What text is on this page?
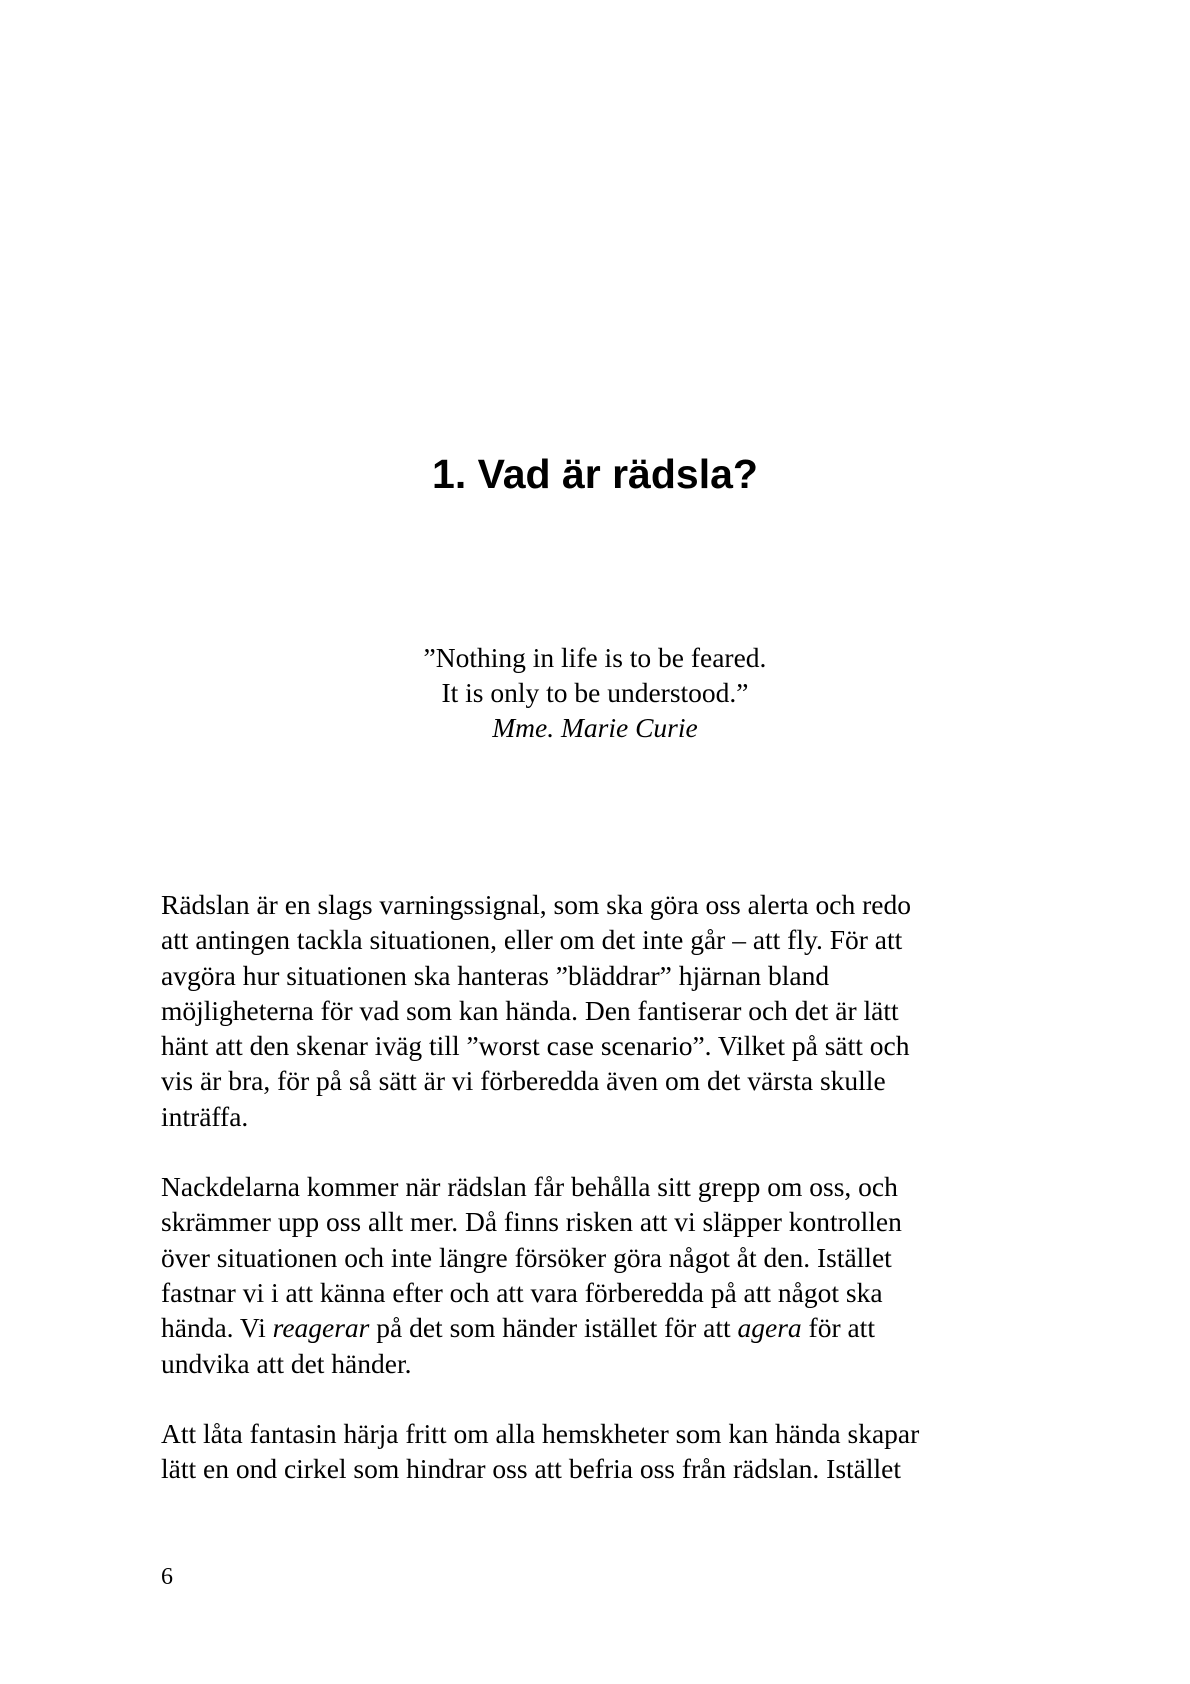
1. Vad är rädsla?
”Nothing in life is to be feared.
It is only to be understood.”
Mme. Marie Curie

Rädslan är en slags varningssignal, som ska göra oss alerta och redo
att antingen tackla situationen, eller om det inte går – att fly. För att
avgöra hur situationen ska hanteras ”bläddrar” hjärnan bland
möjligheterna för vad som kan hända. Den fantiserar och det är lätt
hänt att den skenar iväg till ”worst case scenario”. Vilket på sätt och
vis är bra, för på så sätt är vi förberedda även om det värsta skulle
inträffa.

Nackdelarna kommer när rädslan får behålla sitt grepp om oss, och
skrämmer upp oss allt mer. Då finns risken att vi släpper kontrollen
över situationen och inte längre försöker göra något åt den. Istället
fastnar vi i att känna efter och att vara förberedda på att något ska
hända. Vi reagerar på det som händer istället för att agera för att
undvika att det händer.

Att låta fantasin härja fritt om alla hemskheter som kan hända skapar
lätt en ond cirkel som hindrar oss att befria oss från rädslan. Istället

6
